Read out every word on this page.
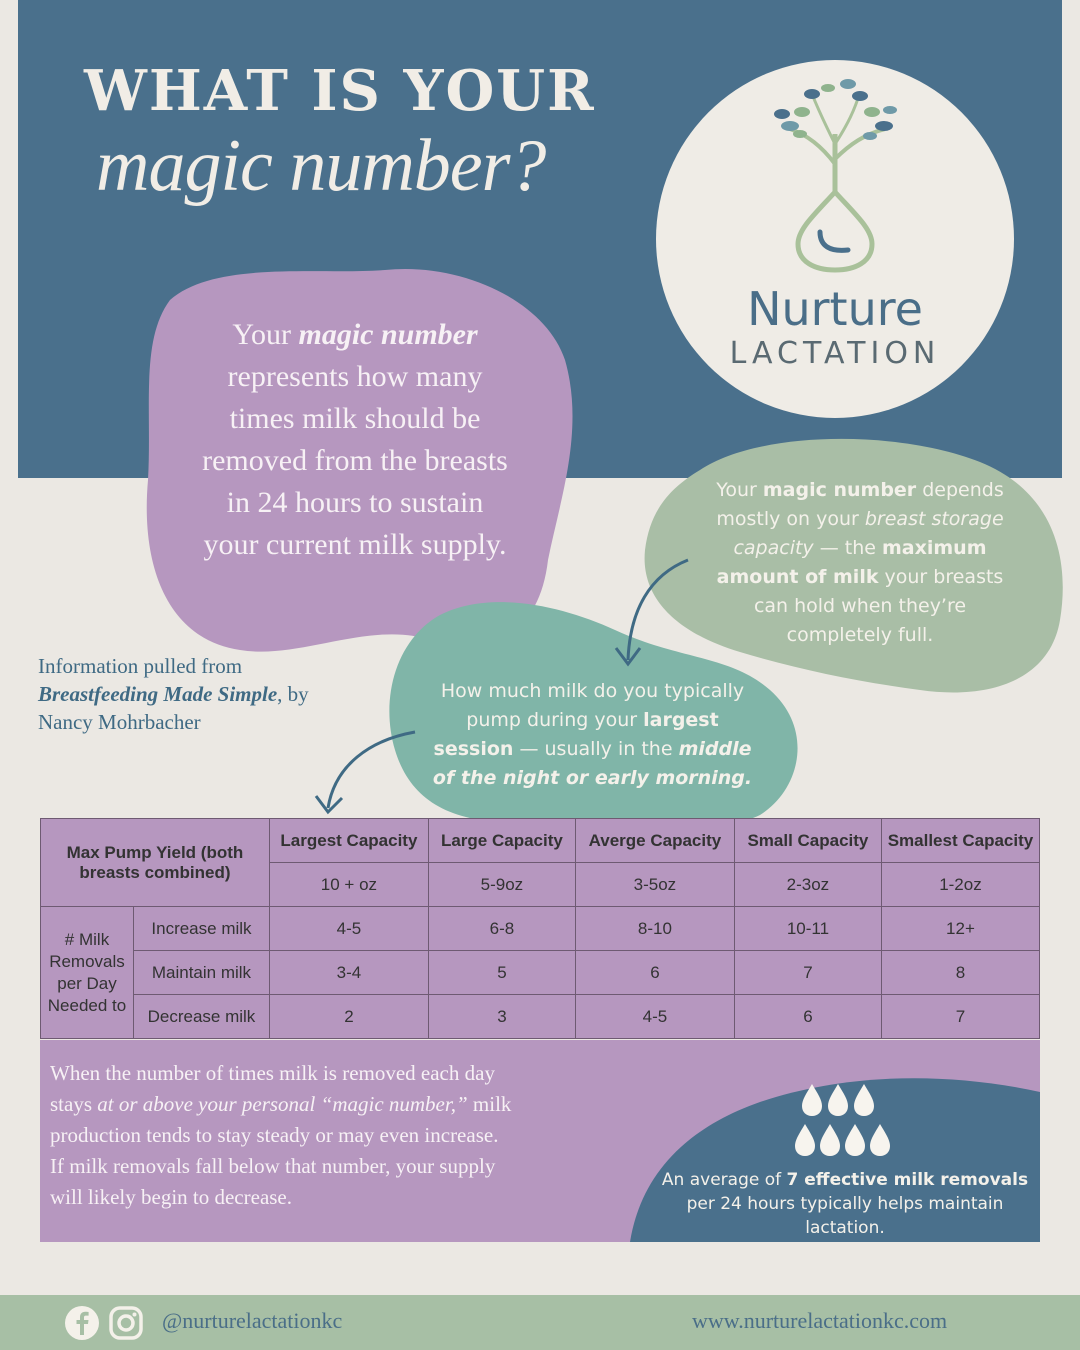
WHAT IS YOUR
magic number?
Nurture
LACTATION
Your magic number
represents how many
times milk should be
removed from the breasts
in 24 hours to sustain
your current milk supply.
Your magic number depends
mostly on your breast storage
capacity — the maximum
amount of milk your breasts
can hold when they’re
completely full.
How much milk do you typically
pump during your largest
session — usually in the middle
of the night or early morning.
Information pulled from
Breastfeeding Made Simple, by
Nancy Mohrbacher
Max Pump Yield (both breasts combined)		Largest Capacity	Large Capacity	Averge Capacity	Small Capacity	Smallest Capacity
		10 + oz	5-9oz	3-5oz	2-3oz	1-2oz
# Milk Removals per Day Needed to	Increase milk	4-5	6-8	8-10	10-11	12+
	Maintain milk	3-4	5	6	7	8
	Decrease milk	2	3	4-5	6	7
When the number of times milk is removed each day
stays at or above your personal “magic number,” milk
production tends to stay steady or may even increase.
If milk removals fall below that number, your supply
will likely begin to decrease.
An average of 7 effective milk removals
per 24 hours typically helps maintain
lactation.
@nurturelactationkc	www.nurturelactationkc.com
